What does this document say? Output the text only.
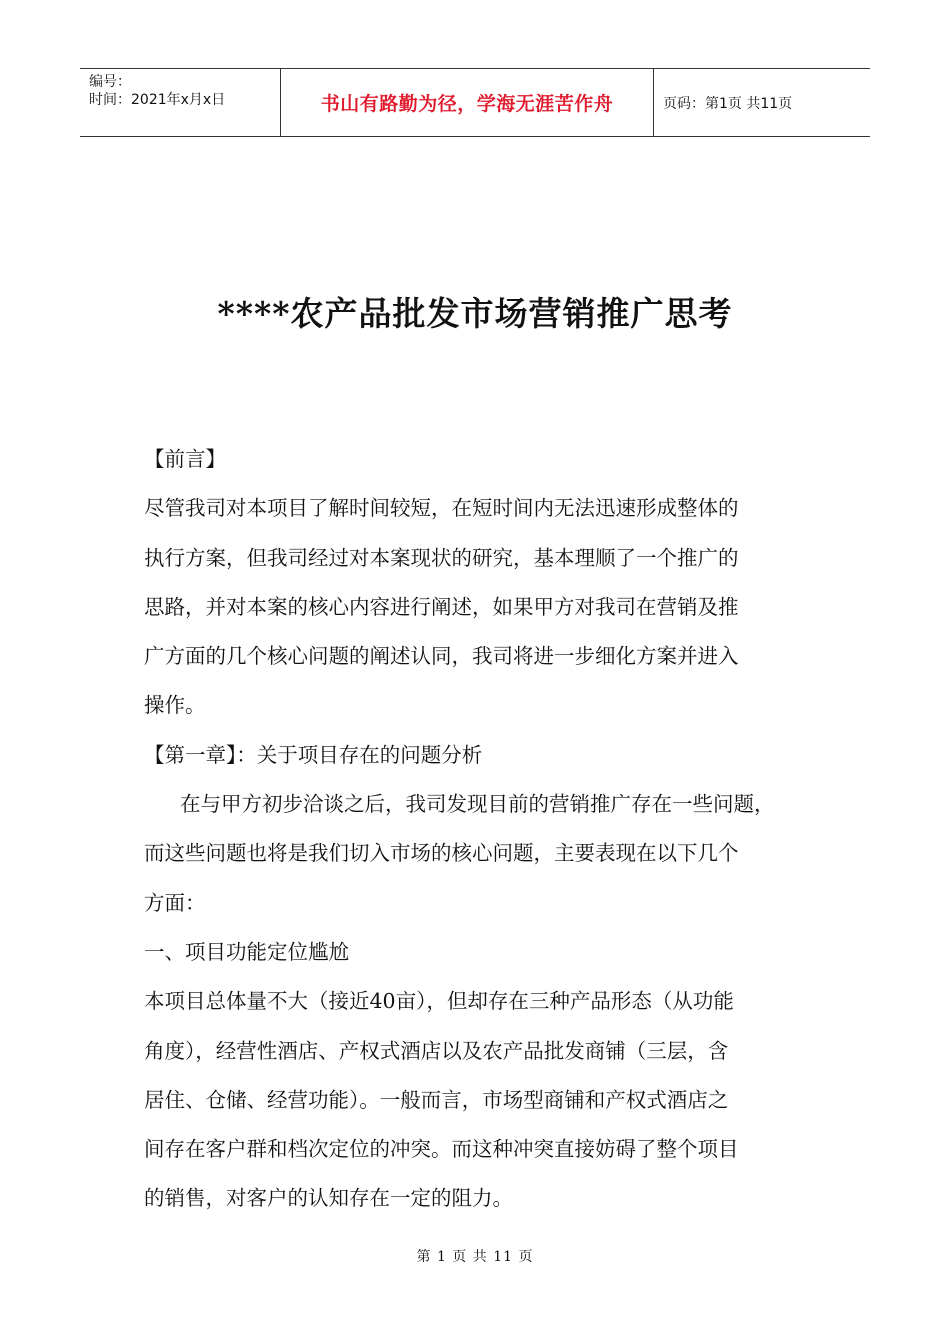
编号：
时间：2021年x月x日	书山有路勤为径，学海无涯苦作舟	页码：第1页 共11页
****农产品批发市场营销推广思考
【前言】
尽管我司对本项目了解时间较短，在短时间内无法迅速形成整体的
执行方案，但我司经过对本案现状的研究，基本理顺了一个推广的
思路，并对本案的核心内容进行阐述，如果甲方对我司在营销及推
广方面的几个核心问题的阐述认同，我司将进一步细化方案并进入
操作。
【第一章】：关于项目存在的问题分析
在与甲方初步洽谈之后，我司发现目前的营销推广存在一些问题，
而这些问题也将是我们切入市场的核心问题，主要表现在以下几个
方面：
一、项目功能定位尴尬
本项目总体量不大（接近40亩），但却存在三种产品形态（从功能
角度），经营性酒店、产权式酒店以及农产品批发商铺（三层，含
居住、仓储、经营功能）。一般而言，市场型商铺和产权式酒店之
间存在客户群和档次定位的冲突。而这种冲突直接妨碍了整个项目
的销售，对客户的认知存在一定的阻力。
第 1 页 共 11 页
